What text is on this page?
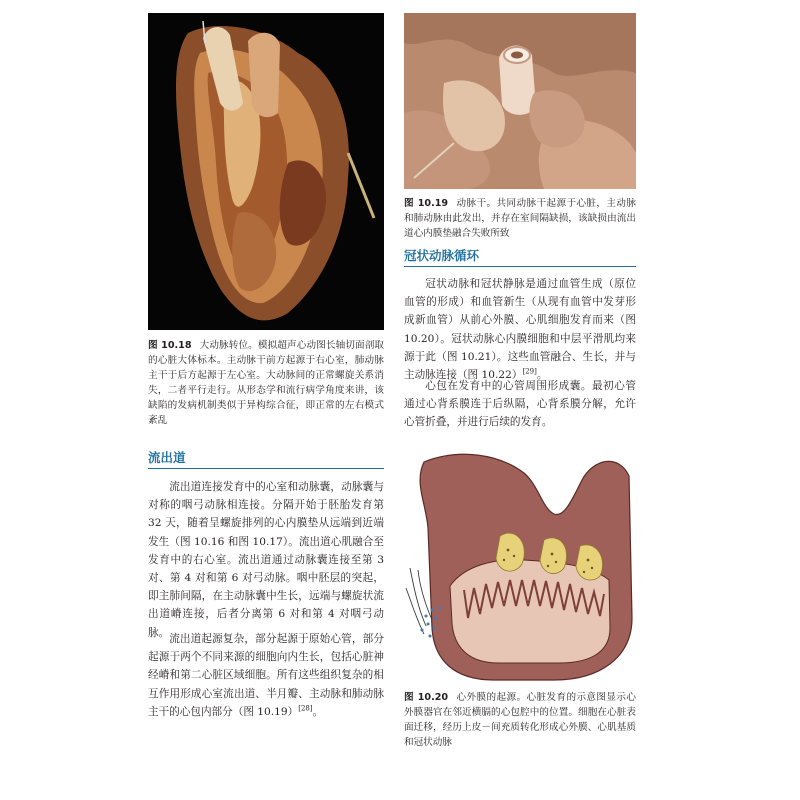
图 10.18 大动脉转位。模拟超声心动图长轴切面剖取的心脏大体标本。主动脉干前方起源于右心室，肺动脉主干于后方起源于左心室。大动脉间的正常螺旋关系消失，二者平行走行。从形态学和流行病学角度来讲，该缺陷的发病机制类似于异构综合征，即正常的左右模式紊乱
流出道

流出道连接发育中的心室和动脉囊，动脉囊与对称的咽弓动脉相连接。分隔开始于胚胎发育第 32 天，随着呈螺旋排列的心内膜垫从远端到近端发生（图 10.16 和图 10.17）。流出道心肌融合至发育中的右心室。流出道通过动脉囊连接至第 3 对、第 4 对和第 6 对弓动脉。咽中胚层的突起，即主肺间隔，在主动脉囊中生长，远端与螺旋状流出道嵴连接，后者分离第 6 对和第 4 对咽弓动脉。

流出道起源复杂，部分起源于原始心管，部分起源于两个不同来源的细胞向内生长，包括心脏神经嵴和第二心脏区域细胞。所有这些组织复杂的相互作用形成心室流出道、半月瓣、主动脉和肺动脉主干的心包内部分（图 10.19）[28]。

图 10.19 动脉干。共同动脉干起源于心脏，主动脉和肺动脉由此发出，并存在室间隔缺损，该缺损由流出道心内膜垫融合失败所致
冠状动脉循环

冠状动脉和冠状静脉是通过血管生成（原位血管的形成）和血管新生（从现有血管中发芽形成新血管）从前心外膜、心肌细胞发育而来（图 10.20）。冠状动脉心内膜细胞和中层平滑肌均来源于此（图 10.21）。这些血管融合、生长，并与主动脉连接（图 10.22）[29]。

心包在发育中的心管周围形成囊。最初心管通过心背系膜连于后纵隔，心背系膜分解，允许心管折叠，并进行后续的发育。

图 10.20 心外膜的起源。心脏发育的示意图显示心外膜器官在邻近横膈的心包腔中的位置。细胞在心脏表面迁移，经历上皮－间充质转化形成心外膜、心肌基质和冠状动脉
